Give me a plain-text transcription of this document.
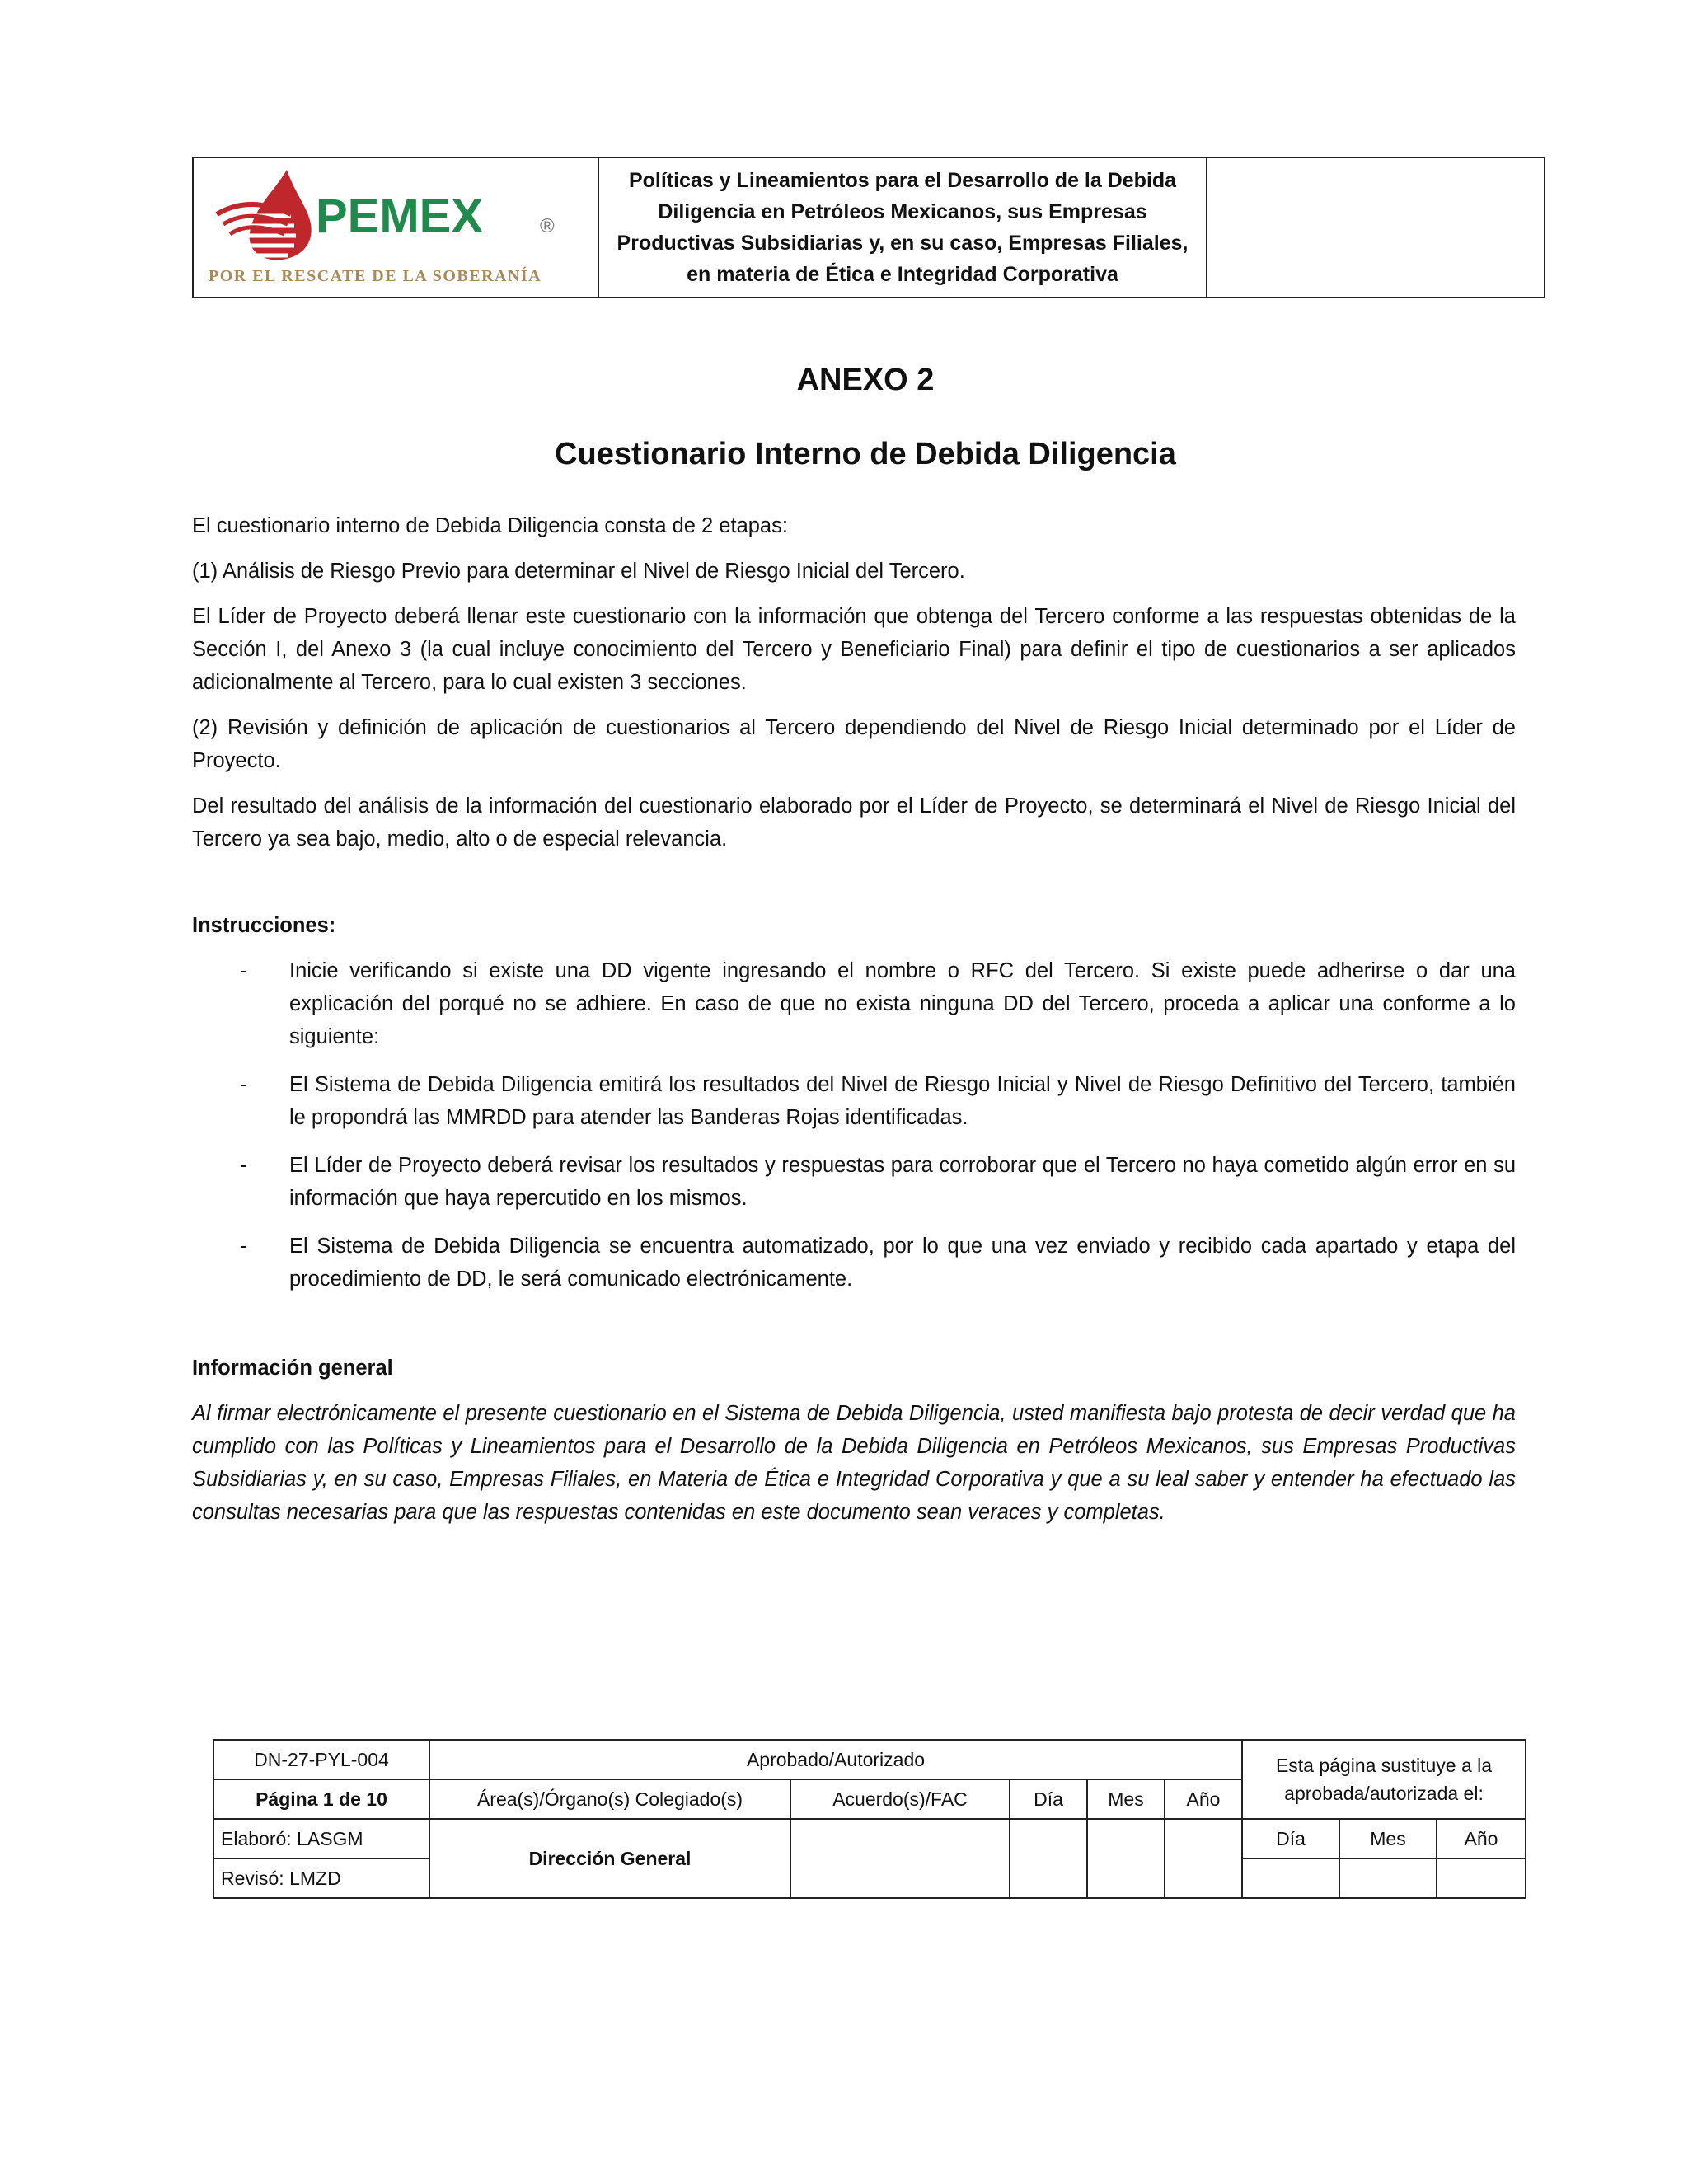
PEMEX	®
POR EL RESCATE DE LA SOBERANÍA
Políticas y Lineamientos para el Desarrollo de la Debida Diligencia en Petróleos Mexicanos, sus Empresas Productivas Subsidiarias y, en su caso, Empresas Filiales, en materia de Ética e Integridad Corporativa
ANEXO 2
Cuestionario Interno de Debida Diligencia

El cuestionario interno de Debida Diligencia consta de 2 etapas:

(1) Análisis de Riesgo Previo para determinar el Nivel de Riesgo Inicial del Tercero.

El Líder de Proyecto deberá llenar este cuestionario con la información que obtenga del Tercero conforme a las respuestas obtenidas de la Sección I, del Anexo 3 (la cual incluye conocimiento del Tercero y Beneficiario Final) para definir el tipo de cuestionarios a ser aplicados adicionalmente al Tercero, para lo cual existen 3 secciones.

(2) Revisión y definición de aplicación de cuestionarios al Tercero dependiendo del Nivel de Riesgo Inicial determinado por el Líder de Proyecto.

Del resultado del análisis de la información del cuestionario elaborado por el Líder de Proyecto, se determinará el Nivel de Riesgo Inicial del Tercero ya sea bajo, medio, alto o de especial relevancia.

Instrucciones:

- Inicie verificando si existe una DD vigente ingresando el nombre o RFC del Tercero. Si existe puede adherirse o dar una explicación del porqué no se adhiere. En caso de que no exista ninguna DD del Tercero, proceda a aplicar una conforme a lo siguiente:
- El Sistema de Debida Diligencia emitirá los resultados del Nivel de Riesgo Inicial y Nivel de Riesgo Definitivo del Tercero, también le propondrá las MMRDD para atender las Banderas Rojas identificadas.
- El Líder de Proyecto deberá revisar los resultados y respuestas para corroborar que el Tercero no haya cometido algún error en su información que haya repercutido en los mismos.
- El Sistema de Debida Diligencia se encuentra automatizado, por lo que una vez enviado y recibido cada apartado y etapa del procedimiento de DD, le será comunicado electrónicamente.

Información general

Al firmar electrónicamente el presente cuestionario en el Sistema de Debida Diligencia, usted manifiesta bajo protesta de decir verdad que ha cumplido con las Políticas y Lineamientos para el Desarrollo de la Debida Diligencia en Petróleos Mexicanos, sus Empresas Productivas Subsidiarias y, en su caso, Empresas Filiales, en Materia de Ética e Integridad Corporativa y que a su leal saber y entender ha efectuado las consultas necesarias para que las respuestas contenidas en este documento sean veraces y completas.

DN-27-PYL-004	Aprobado/Autorizado					Esta página sustituye a la aprobada/autorizada el:		
Página 1 de 10	Área(s)/Órgano(s) Colegiado(s)	Acuerdo(s)/FAC	Día	Mes	Año			
Elaboró: LASGM	Dirección General					Día	Mes	Año
Revisó: LMZD								
